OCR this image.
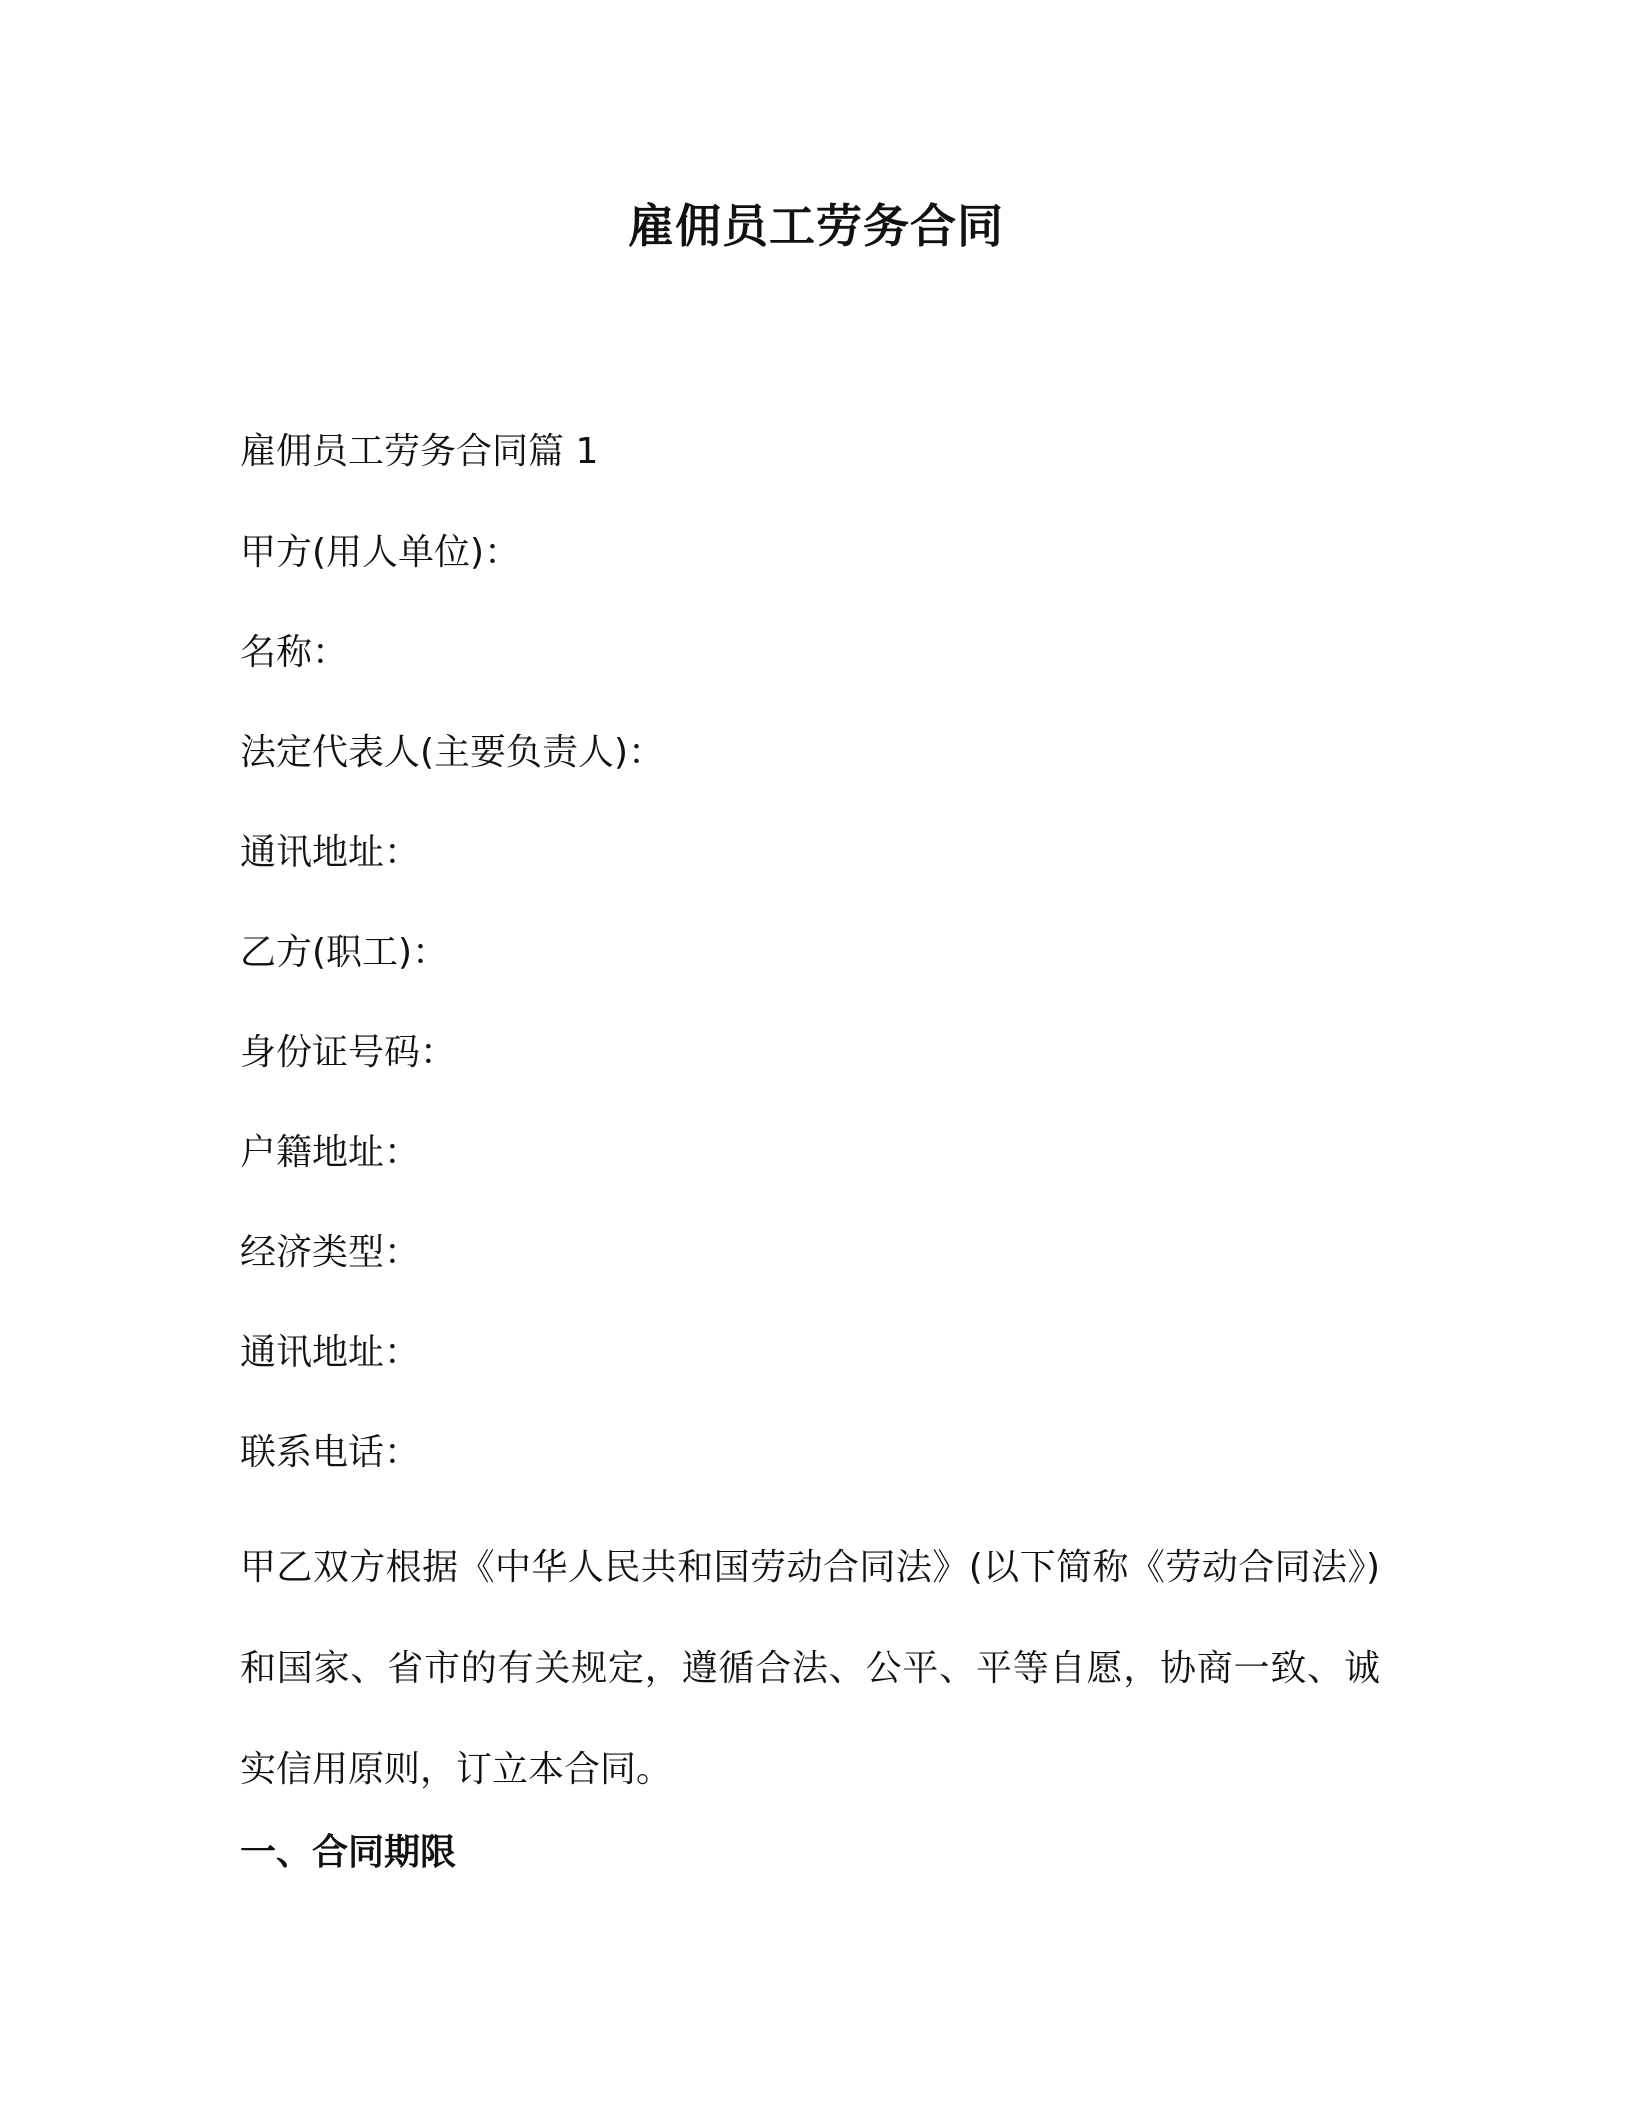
雇佣员工劳务合同

雇佣员工劳务合同篇 1

甲方(用人单位)：

名称：

法定代表人(主要负责人)：

通讯地址：

乙方(职工)：

身份证号码：

户籍地址：

经济类型：

通讯地址：

联系电话：

甲乙双方根据《中华人民共和国劳动合同法》(以下简称《劳动合同法》)和国家、省市的有关规定，遵循合法、公平、平等自愿，协商一致、诚实信用原则，订立本合同。

一、合同期限
